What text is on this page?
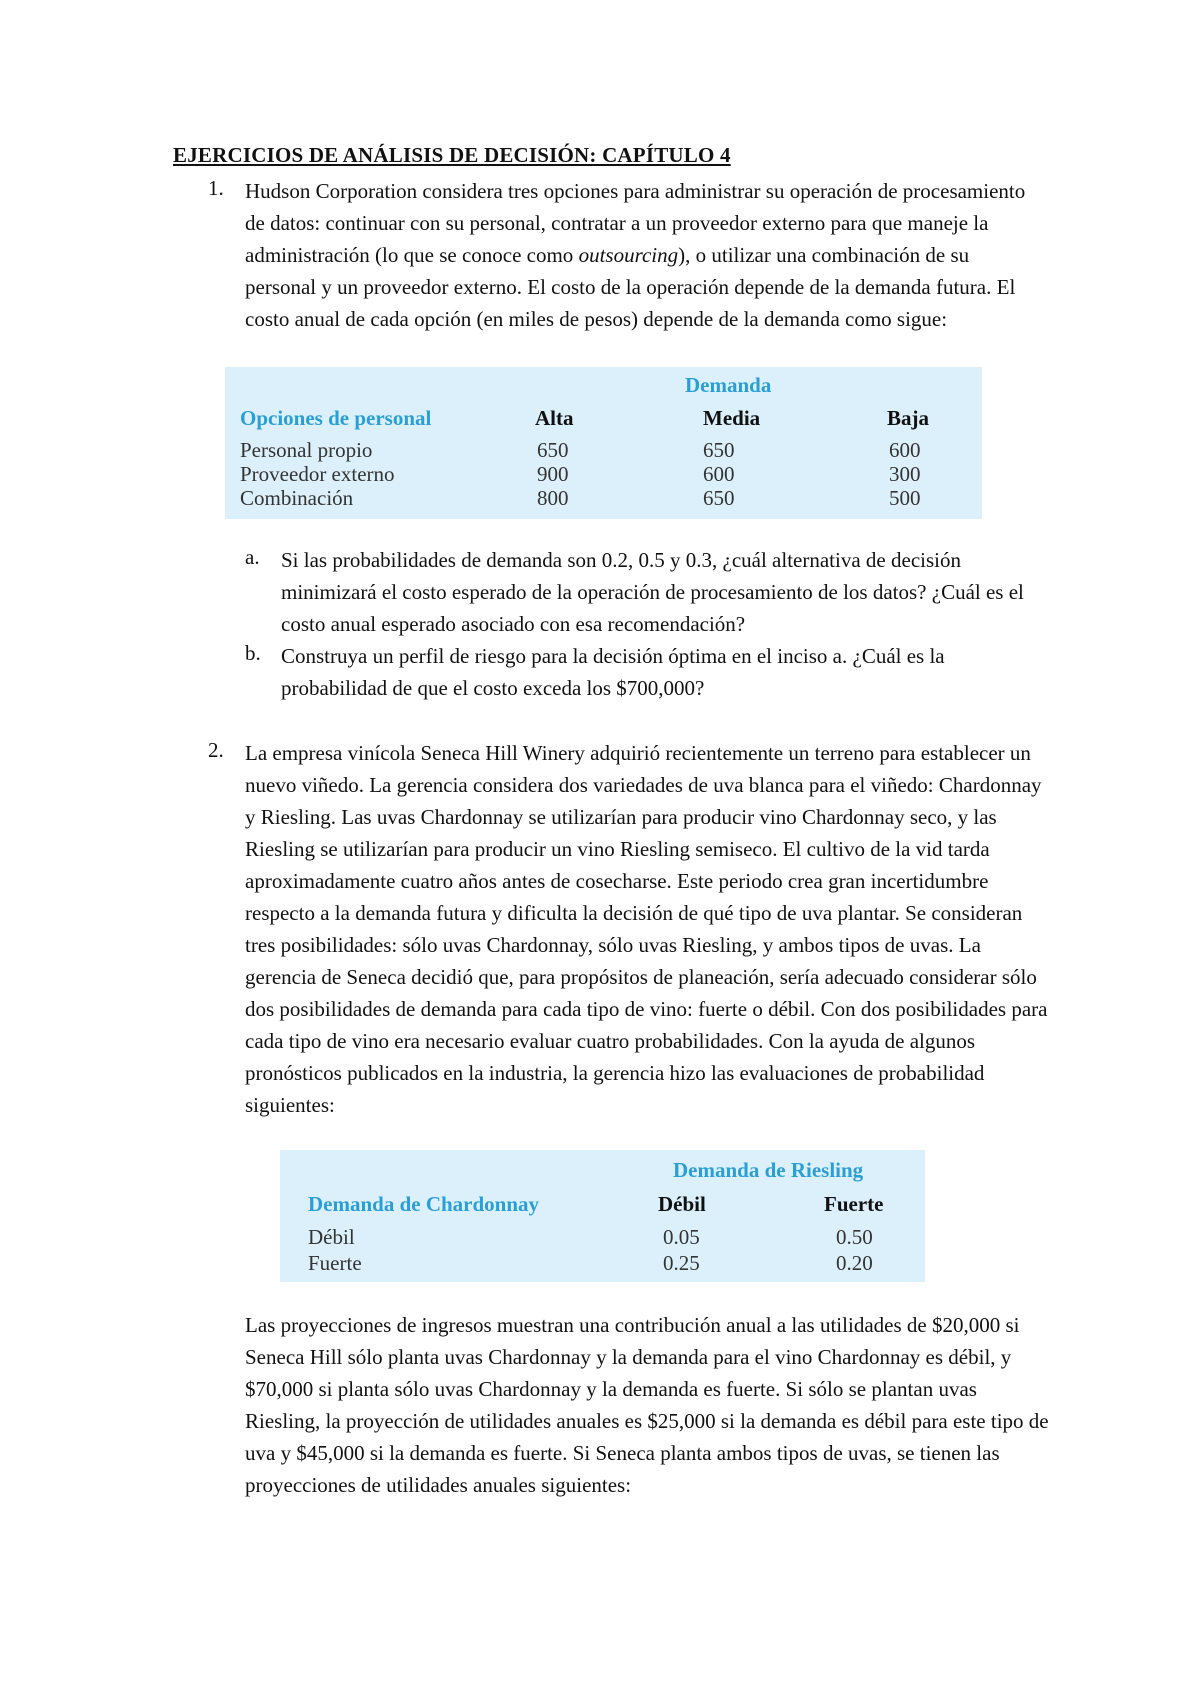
EJERCICIOS DE ANÁLISIS DE DECISIÓN: CAPÍTULO 4
1. Hudson Corporation considera tres opciones para administrar su operación de procesamiento de datos: continuar con su personal, contratar a un proveedor externo para que maneje la administración (lo que se conoce como outsourcing), o utilizar una combinación de su personal y un proveedor externo. El costo de la operación depende de la demanda futura. El costo anual de cada opción (en miles de pesos) depende de la demanda como sigue:
Demanda
Opciones de personal	Alta	Media	Baja
Personal propio	650	650	600
Proveedor externo	900	600	300
Combinación	800	650	500
a. Si las probabilidades de demanda son 0.2, 0.5 y 0.3, ¿cuál alternativa de decisión minimizará el costo esperado de la operación de procesamiento de los datos? ¿Cuál es el costo anual esperado asociado con esa recomendación?
b. Construya un perfil de riesgo para la decisión óptima en el inciso a. ¿Cuál es la probabilidad de que el costo exceda los $700,000?
2. La empresa vinícola Seneca Hill Winery adquirió recientemente un terreno para establecer un nuevo viñedo. La gerencia considera dos variedades de uva blanca para el viñedo: Chardonnay y Riesling. Las uvas Chardonnay se utilizarían para producir vino Chardonnay seco, y las Riesling se utilizarían para producir un vino Riesling semiseco. El cultivo de la vid tarda aproximadamente cuatro años antes de cosecharse. Este periodo crea gran incertidumbre respecto a la demanda futura y dificulta la decisión de qué tipo de uva plantar. Se consideran tres posibilidades: sólo uvas Chardonnay, sólo uvas Riesling, y ambos tipos de uvas. La gerencia de Seneca decidió que, para propósitos de planeación, sería adecuado considerar sólo dos posibilidades de demanda para cada tipo de vino: fuerte o débil. Con dos posibilidades para cada tipo de vino era necesario evaluar cuatro probabilidades. Con la ayuda de algunos pronósticos publicados en la industria, la gerencia hizo las evaluaciones de probabilidad siguientes:
Demanda de Riesling
Demanda de Chardonnay	Débil	Fuerte
Débil	0.05	0.50
Fuerte	0.25	0.20
Las proyecciones de ingresos muestran una contribución anual a las utilidades de $20,000 si Seneca Hill sólo planta uvas Chardonnay y la demanda para el vino Chardonnay es débil, y $70,000 si planta sólo uvas Chardonnay y la demanda es fuerte. Si sólo se plantan uvas Riesling, la proyección de utilidades anuales es $25,000 si la demanda es débil para este tipo de uva y $45,000 si la demanda es fuerte. Si Seneca planta ambos tipos de uvas, se tienen las proyecciones de utilidades anuales siguientes:
